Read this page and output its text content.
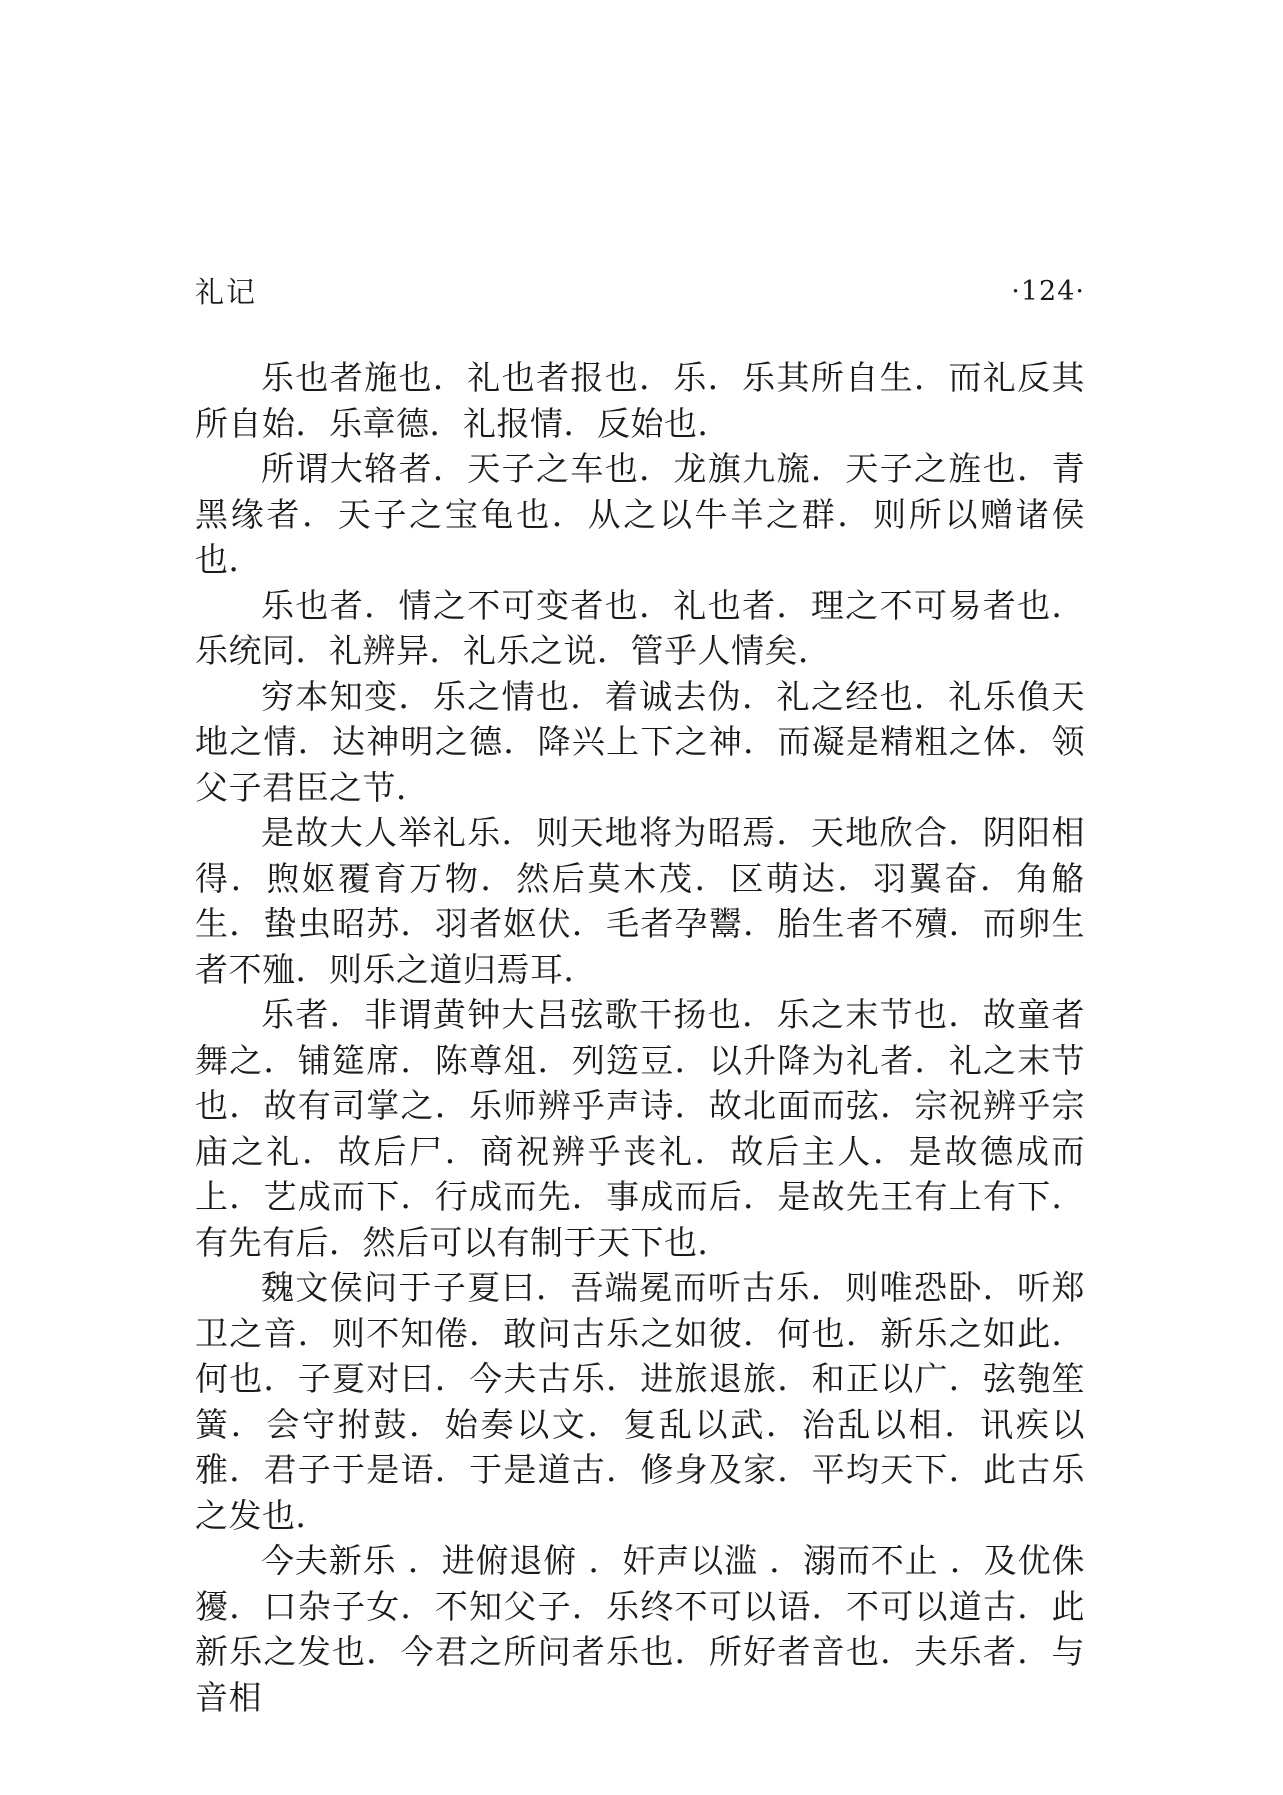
礼记	·124·

乐也者施也．礼也者报也．乐．乐其所自生．而礼反其所自始．乐章德．礼报情．反始也．

所谓大辂者．天子之车也．龙旗九旒．天子之旌也．青黑缘者．天子之宝龟也．从之以牛羊之群．则所以赠诸侯也．

乐也者．情之不可变者也．礼也者．理之不可易者也．乐统同．礼辨异．礼乐之说．管乎人情矣．

穷本知变．乐之情也．着诚去伪．礼之经也．礼乐偩天地之情．达神明之德．降兴上下之神．而凝是精粗之体．领父子君臣之节．

是故大人举礼乐．则天地将为昭焉．天地欣合．阴阳相得．煦妪覆育万物．然后莫木茂．区萌达．羽翼奋．角觡生．蛰虫昭苏．羽者妪伏．毛者孕鬻．胎生者不殰．而卵生者不殈．则乐之道归焉耳．

乐者．非谓黄钟大吕弦歌干扬也．乐之末节也．故童者舞之．铺筵席．陈尊俎．列笾豆．以升降为礼者．礼之末节也．故有司掌之．乐师辨乎声诗．故北面而弦．宗祝辨乎宗庙之礼．故后尸．商祝辨乎丧礼．故后主人．是故德成而上．艺成而下．行成而先．事成而后．是故先王有上有下．有先有后．然后可以有制于天下也．

魏文侯问于子夏曰．吾端冕而听古乐．则唯恐卧．听郑卫之音．则不知倦．敢问古乐之如彼．何也．新乐之如此．何也．子夏对曰．今夫古乐．进旅退旅．和正以广．弦匏笙簧．会守拊鼓．始奏以文．复乱以武．治乱以相．讯疾以雅．君子于是语．于是道古．修身及家．平均天下．此古乐之发也．

今夫新乐 ．进俯退俯 ．奸声以滥 ．溺而不止 ．及优侏獶．口杂子女．不知父子．乐终不可以语．不可以道古．此新乐之发也．今君之所问者乐也．所好者音也．夫乐者．与音相
